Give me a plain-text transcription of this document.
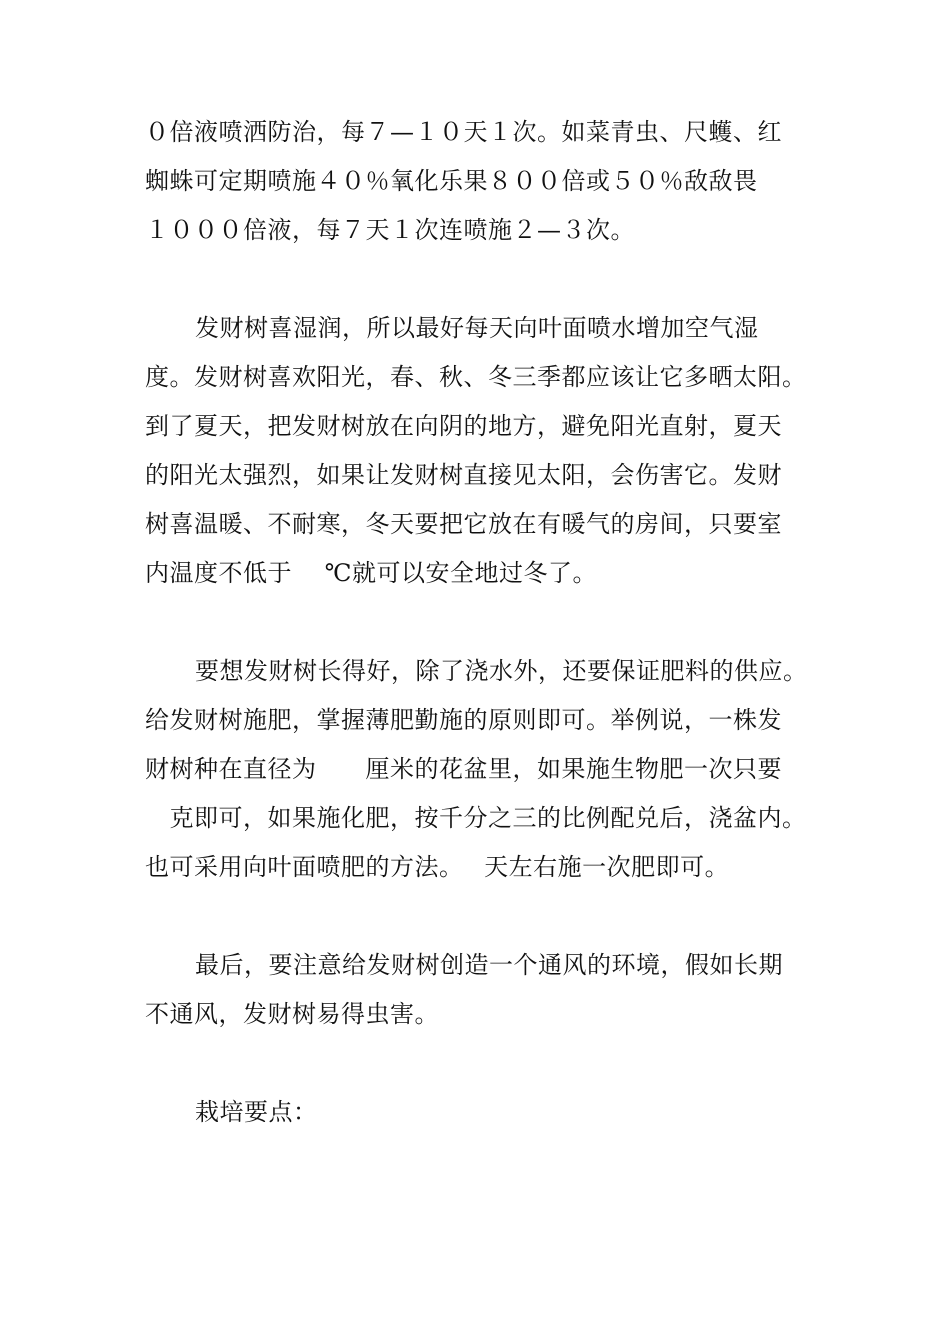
０倍液喷洒防治，每７—１０天１次。如菜青虫、尺蠖、红
蜘蛛可定期喷施４０％氧化乐果８００倍或５０％敌敌畏
１０００倍液，每７天１次连喷施２—３次。

发财树喜湿润，所以最好每天向叶面喷水增加空气湿
度。发财树喜欢阳光，春、秋、冬三季都应该让它多晒太阳。
到了夏天，把发财树放在向阴的地方，避免阳光直射，夏天
的阳光太强烈，如果让发财树直接见太阳，会伤害它。发财
树喜温暖、不耐寒，冬天要把它放在有暖气的房间，只要室
内温度不低于　 ℃就可以安全地过冬了。

要想发财树长得好，除了浇水外，还要保证肥料的供应。
给发财树施肥，掌握薄肥勤施的原则即可。举例说，一株发
财树种在直径为　　厘米的花盆里，如果施生物肥一次只要
　克即可，如果施化肥，按千分之三的比例配兑后，浇盆内。
也可采用向叶面喷肥的方法。　 天左右施一次肥即可。

最后，要注意给发财树创造一个通风的环境，假如长期
不通风，发财树易得虫害。

栽培要点：
